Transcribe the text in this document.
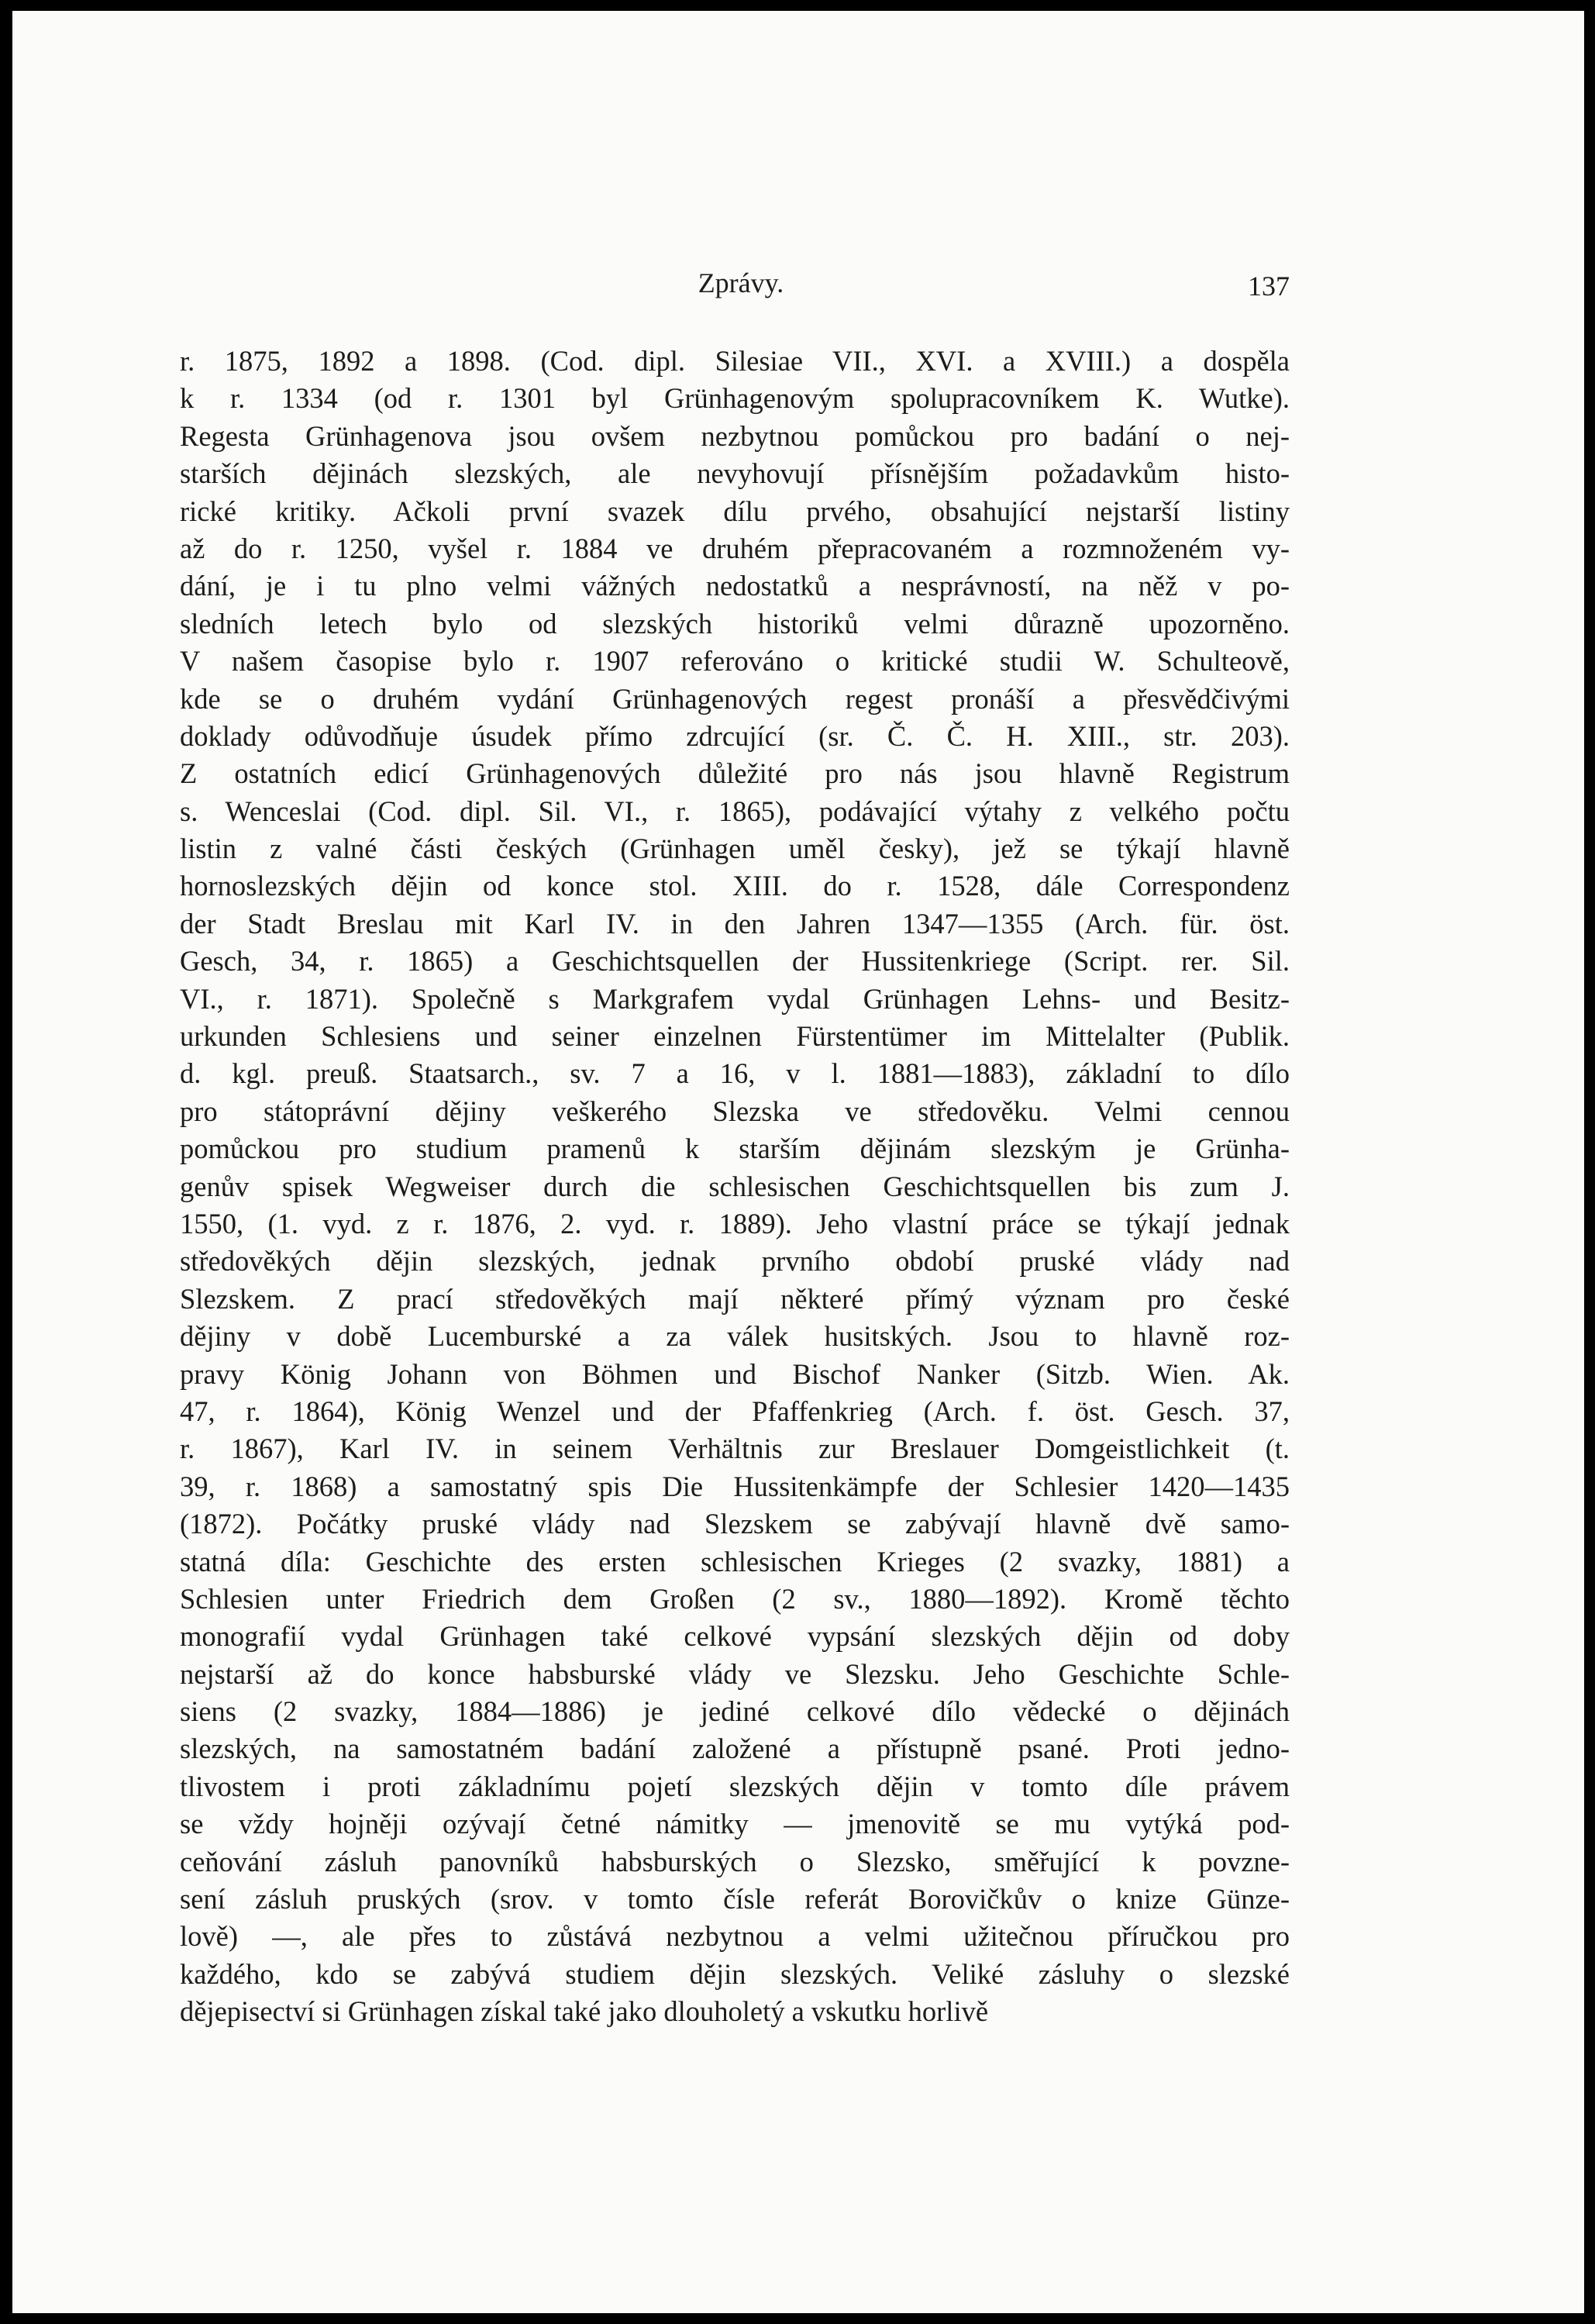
Zprávy.	137
r. 1875, 1892 a 1898. (Cod. dipl. Silesiae VII., XVI. a XVIII.) a dospěla
k r. 1334 (od r. 1301 byl Grünhagenovým spolupracovníkem K. Wutke).
Regesta Grünhagenova jsou ovšem nezbytnou pomůckou pro badání o nej-
starších dějinách slezských, ale nevyhovují přísnějším požadavkům histo-
rické kritiky. Ačkoli první svazek dílu prvého, obsahující nejstarší listiny
až do r. 1250, vyšel r. 1884 ve druhém přepracovaném a rozmnoženém vy-
dání, je i tu plno velmi vážných nedostatků a nesprávností, na něž v po-
sledních letech bylo od slezských historiků velmi důrazně upozorněno.
V našem časopise bylo r. 1907 referováno o kritické studii W. Schulteově,
kde se o druhém vydání Grünhagenových regest pronáší a přesvědčivými
doklady odůvodňuje úsudek přímo zdrcující (sr. Č. Č. H. XIII., str. 203).
Z ostatních edicí Grünhagenových důležité pro nás jsou hlavně Registrum
s. Wenceslai (Cod. dipl. Sil. VI., r. 1865), podávající výtahy z velkého počtu
listin z valné části českých (Grünhagen uměl česky), jež se týkají hlavně
hornoslezských dějin od konce stol. XIII. do r. 1528, dále Correspondenz
der Stadt Breslau mit Karl IV. in den Jahren 1347—1355 (Arch. für. öst.
Gesch, 34, r. 1865) a Geschichtsquellen der Hussitenkriege (Script. rer. Sil.
VI., r. 1871). Společně s Markgrafem vydal Grünhagen Lehns- und Besitz-
urkunden Schlesiens und seiner einzelnen Fürstentümer im Mittelalter (Publik.
d. kgl. preuß. Staatsarch., sv. 7 a 16, v l. 1881—1883), základní to dílo
pro státoprávní dějiny veškerého Slezska ve středověku. Velmi cennou
pomůckou pro studium pramenů k starším dějinám slezským je Grünha-
genův spisek Wegweiser durch die schlesischen Geschichtsquellen bis zum J.
1550, (1. vyd. z r. 1876, 2. vyd. r. 1889). Jeho vlastní práce se týkají jednak
středověkých dějin slezských, jednak prvního období pruské vlády nad
Slezskem. Z prací středověkých mají některé přímý význam pro české
dějiny v době Lucemburské a za válek husitských. Jsou to hlavně roz-
pravy König Johann von Böhmen und Bischof Nanker (Sitzb. Wien. Ak.
47, r. 1864), König Wenzel und der Pfaffenkrieg (Arch. f. öst. Gesch. 37,
r. 1867), Karl IV. in seinem Verhältnis zur Breslauer Domgeistlichkeit (t.
39, r. 1868) a samostatný spis Die Hussitenkämpfe der Schlesier 1420—1435
(1872). Počátky pruské vlády nad Slezskem se zabývají hlavně dvě samo-
statná díla: Geschichte des ersten schlesischen Krieges (2 svazky, 1881) a
Schlesien unter Friedrich dem Großen (2 sv., 1880—1892). Kromě těchto
monografií vydal Grünhagen také celkové vypsání slezských dějin od doby
nejstarší až do konce habsburské vlády ve Slezsku. Jeho Geschichte Schle-
siens (2 svazky, 1884—1886) je jediné celkové dílo vědecké o dějinách
slezských, na samostatném badání založené a přístupně psané. Proti jedno-
tlivostem i proti základnímu pojetí slezských dějin v tomto díle právem
se vždy hojněji ozývají četné námitky — jmenovitě se mu vytýká pod-
ceňování zásluh panovníků habsburských o Slezsko, směřující k povzne-
sení zásluh pruských (srov. v tomto čísle referát Borovičkův o knize Günze-
lově) —, ale přes to zůstává nezbytnou a velmi užitečnou příručkou pro
každého, kdo se zabývá studiem dějin slezských. Veliké zásluhy o slezské
dějepisectví si Grünhagen získal také jako dlouholetý a vskutku horlivě
